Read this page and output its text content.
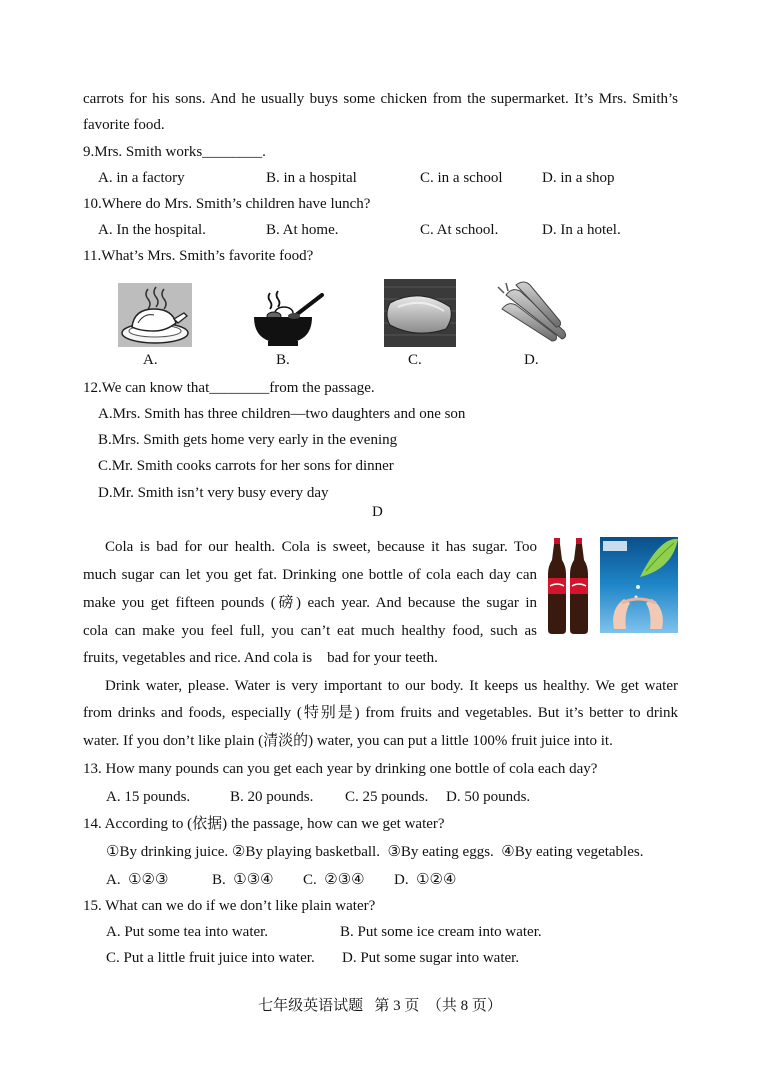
carrots for his sons. And he usually buys some chicken from the supermarket. It’s Mrs. Smith’s
favorite food.
9.Mrs. Smith works________.
A. in a factory	B. in a hospital	C. in a school	D. in a shop
10.Where do Mrs. Smith’s children have lunch?
A. In the hospital.	B. At home.	C. At school.	D. In a hotel.
11.What’s Mrs. Smith’s favorite food?
A.	B.	C.	D.
12.We can know that________from the passage.
A.Mrs. Smith has three children—two daughters and one son
B.Mrs. Smith gets home very early in the evening
C.Mr. Smith cooks carrots for her sons for dinner
D.Mr. Smith isn’t very busy every day
D
Cola is bad for our health. Cola is sweet, because it has sugar. Too
much sugar can let you get fat. Drinking one bottle of cola each day can
make you get fifteen pounds (磅) each year. And because the sugar in
cola can make you feel full, you can’t eat much healthy food, such as
fruits, vegetables and rice. And cola is    bad for your teeth.
Drink water, please. Water is very important to our body. It keeps us healthy. We get water
from drinks and foods, especially (特别是) from fruits and vegetables. But it’s better to drink
water. If you don’t like plain (清淡的) water, you can put a little 100% fruit juice into it.
13. How many pounds can you get each year by drinking one bottle of cola each day?
A. 15 pounds.	B. 20 pounds. C. 25 pounds. D. 50 pounds.
14. According to (依据) the passage, how can we get water?
①By drinking juice. ②By playing basketball.  ③By eating eggs.  ④By eating vegetables.
A.  ①②③	B.  ①③④ C.  ②③④ D.  ①②④
15. What can we do if we don’t like plain water?
A. Put some tea into water.	B. Put some ice cream into water.
C. Put a little fruit juice into water. D. Put some sugar into water.
七年级英语试题   第 3 页  （共 8 页）
